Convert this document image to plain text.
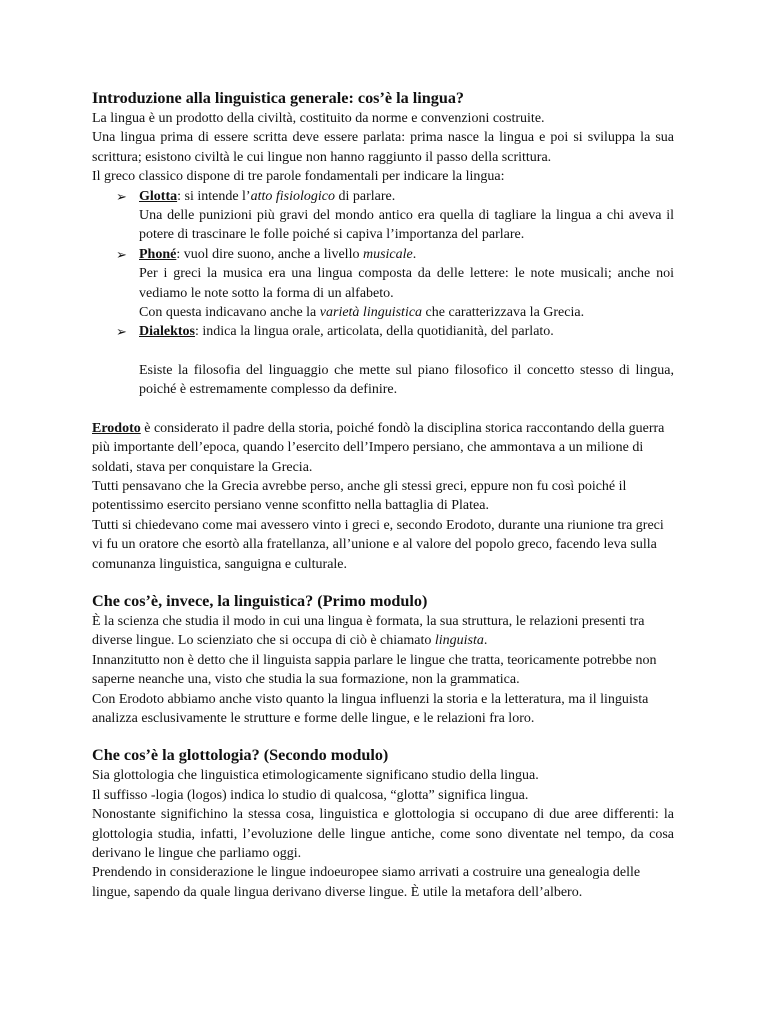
Introduzione alla linguistica generale: cos’è la lingua?

La lingua è un prodotto della civiltà, costituito da norme e convenzioni costruite.

Una lingua prima di essere scritta deve essere parlata: prima nasce la lingua e poi si sviluppa la sua scrittura; esistono civiltà le cui lingue non hanno raggiunto il passo della scrittura.

Il greco classico dispone di tre parole fondamentali per indicare la lingua:

➢ Glotta: si intende l’atto fisiologico di parlare.

Una delle punizioni più gravi del mondo antico era quella di tagliare la lingua a chi aveva il potere di trascinare le folle poiché si capiva l’importanza del parlare.

➢ Phoné: vuol dire suono, anche a livello musicale.

Per i greci la musica era una lingua composta da delle lettere: le note musicali; anche noi vediamo le note sotto la forma di un alfabeto.

Con questa indicavano anche la varietà linguistica che caratterizzava la Grecia.

➢ Dialektos: indica la lingua orale, articolata, della quotidianità, del parlato.

Esiste la filosofia del linguaggio che mette sul piano filosofico il concetto stesso di lingua, poiché è estremamente complesso da definire.

Erodoto è considerato il padre della storia, poiché fondò la disciplina storica raccontando della guerra più importante dell’epoca, quando l’esercito dell’Impero persiano, che ammontava a un milione di soldati, stava per conquistare la Grecia.

Tutti pensavano che la Grecia avrebbe perso, anche gli stessi greci, eppure non fu così poiché il potentissimo esercito persiano venne sconfitto nella battaglia di Platea.

Tutti si chiedevano come mai avessero vinto i greci e, secondo Erodoto, durante una riunione tra greci vi fu un oratore che esortò alla fratellanza, all’unione e al valore del popolo greco, facendo leva sulla comunanza linguistica, sanguigna e culturale.

Che cos’è, invece, la linguistica? (Primo modulo)

È la scienza che studia il modo in cui una lingua è formata, la sua struttura, le relazioni presenti tra diverse lingue. Lo scienziato che si occupa di ciò è chiamato linguista.

Innanzitutto non è detto che il linguista sappia parlare le lingue che tratta, teoricamente potrebbe non saperne neanche una, visto che studia la sua formazione, non la grammatica.

Con Erodoto abbiamo anche visto quanto la lingua influenzi la storia e la letteratura, ma il linguista analizza esclusivamente le strutture e forme delle lingue, e le relazioni fra loro.

Che cos’è la glottologia? (Secondo modulo)

Sia glottologia che linguistica etimologicamente significano studio della lingua.

Il suffisso -logia (logos) indica lo studio di qualcosa, “glotta” significa lingua.

Nonostante significhino la stessa cosa, linguistica e glottologia si occupano di due aree differenti: la glottologia studia, infatti, l’evoluzione delle lingue antiche, come sono diventate nel tempo, da cosa derivano le lingue che parliamo oggi.

Prendendo in considerazione le lingue indoeuropee siamo arrivati a costruire una genealogia delle lingue, sapendo da quale lingua derivano diverse lingue. È utile la metafora dell’albero.
